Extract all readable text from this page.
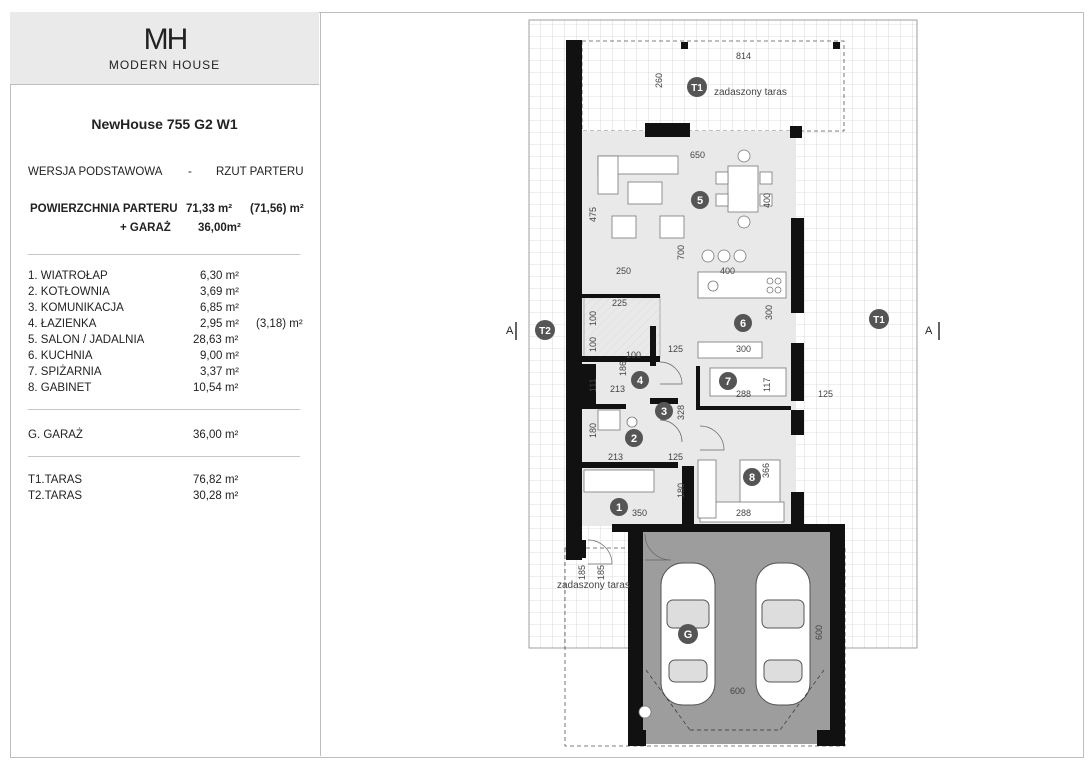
MH
MODERN HOUSE
NewHouse 755 G2 W1
WERSJA PODSTAWOWA - RZUT PARTERU
POWIERZCHNIA PARTERU 71,33 m² (71,56) m²
+ GARAŻ 36,00m²
1. WIATROŁAP	6,30 m²
2. KOTŁOWNIA	3,69 m²
3. KOMUNIKACJA	6,85 m²
4. ŁAZIENKA	2,95 m² (3,18) m²
5. SALON / JADALNIA	28,63 m²
6. KUCHNIA	9,00 m²
7. SPIŻARNIA	3,37 m²
8. GABINET	10,54 m²
G. GARAŻ	36,00 m²
T1.TARAS	76,82 m²
T2.TARAS	30,28 m²
1
2
3
4
5
6
7
8
G
T1
T1
T2
zadaszony taras
zadaszony taras
A	A
814
260
650
475
700
400
250	400
300
225
100
100	125	300
186
100
111 213	288
117
125
328
180
213	125
180
350
366
288
185 185
600
600
